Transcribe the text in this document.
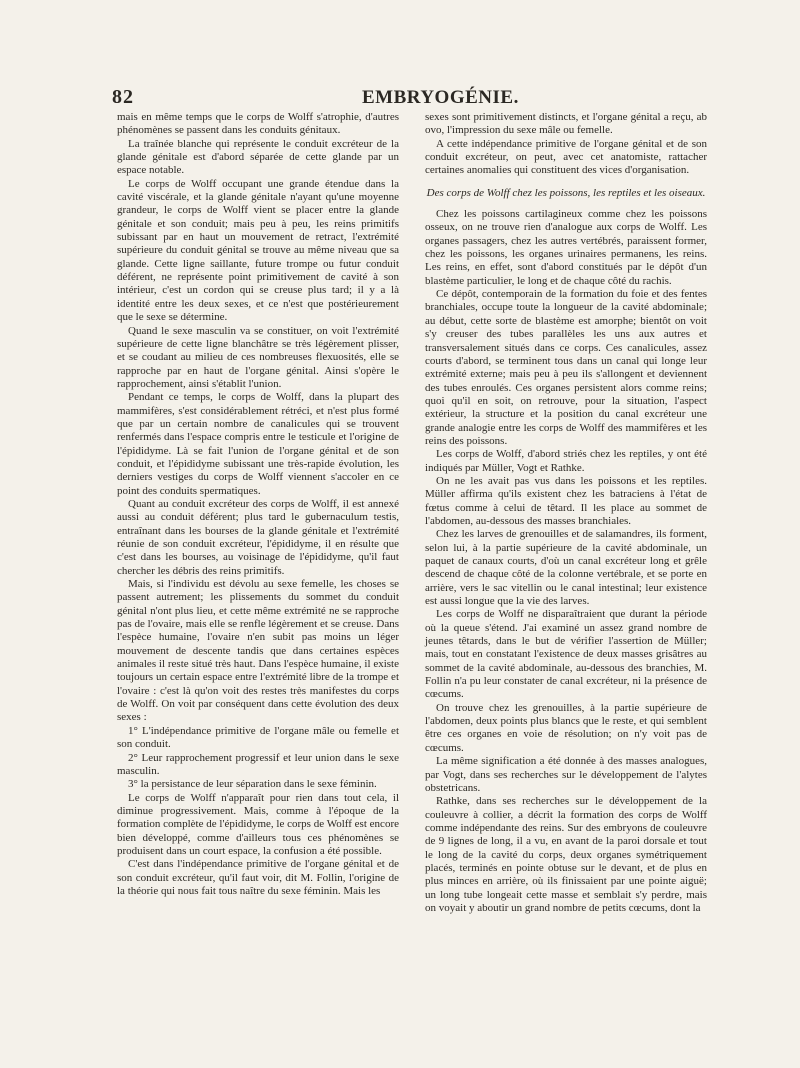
82	EMBRYOGÉNIE.

mais en même temps que le corps de Wolff s'atrophie, d'autres phénomènes se passent dans les conduits génitaux.

La traînée blanche qui représente le conduit excréteur de la glande génitale est d'abord séparée de cette glande par un espace notable.

Le corps de Wolff occupant une grande étendue dans la cavité viscérale, et la glande génitale n'ayant qu'une moyenne grandeur, le corps de Wolff vient se placer entre la glande génitale et son conduit; mais peu à peu, les reins primitifs subissant par en haut un mouvement de retract, l'extrémité supérieure du conduit génital se trouve au même niveau que sa glande. Cette ligne saillante, future trompe ou futur conduit déférent, ne représente point primitivement de cavité à son intérieur, c'est un cordon qui se creuse plus tard; il y a là identité entre les deux sexes, et ce n'est que postérieurement que le sexe se détermine.

Quand le sexe masculin va se constituer, on voit l'extrémité supérieure de cette ligne blanchâtre se très légèrement plisser, et se coudant au milieu de ces nombreuses flexuosités, elle se rapproche par en haut de l'organe génital. Ainsi s'opère le rapprochement, ainsi s'établit l'union.

Pendant ce temps, le corps de Wolff, dans la plupart des mammifères, s'est considérablement rétréci, et n'est plus formé que par un certain nombre de canalicules qui se trouvent renfermés dans l'espace compris entre le testicule et l'origine de l'épididyme. Là se fait l'union de l'organe génital et de son conduit, et l'épididyme subissant une très-rapide évolution, les derniers vestiges du corps de Wolff viennent s'accoler en ce point des conduits spermatiques.

Quant au conduit excréteur des corps de Wolff, il est annexé aussi au conduit déférent; plus tard le gubernaculum testis, entraînant dans les bourses de la glande génitale et l'extrémité réunie de son conduit excréteur, l'épididyme, il en résulte que c'est dans les bourses, au voisinage de l'épididyme, qu'il faut chercher les débris des reins primitifs.

Mais, si l'individu est dévolu au sexe femelle, les choses se passent autrement; les plissements du sommet du conduit génital n'ont plus lieu, et cette même extrémité ne se rapproche pas de l'ovaire, mais elle se renfle légèrement et se creuse. Dans l'espèce humaine, l'ovaire n'en subit pas moins un léger mouvement de descente tandis que dans certaines espèces animales il reste situé très haut. Dans l'espèce humaine, il existe toujours un certain espace entre l'extrémité libre de la trompe et l'ovaire : c'est là qu'on voit des restes très manifestes du corps de Wolff. On voit par conséquent dans cette évolution des deux sexes :

1° L'indépendance primitive de l'organe mâle ou femelle et son conduit.

2° Leur rapprochement progressif et leur union dans le sexe masculin.

3° la persistance de leur séparation dans le sexe féminin.

Le corps de Wolff n'apparaît pour rien dans tout cela, il diminue progressivement. Mais, comme à l'époque de la formation complète de l'épididyme, le corps de Wolff est encore bien développé, comme d'ailleurs tous ces phénomènes se produisent dans un court espace, la confusion a été possible.

C'est dans l'indépendance primitive de l'organe génital et de son conduit excréteur, qu'il faut voir, dit M. Follin, l'origine de la théorie qui nous fait tous naître du sexe féminin. Mais les

sexes sont primitivement distincts, et l'organe génital a reçu, ab ovo, l'impression du sexe mâle ou femelle.

A cette indépendance primitive de l'organe génital et de son conduit excréteur, on peut, avec cet anatomiste, rattacher certaines anomalies qui constituent des vices d'organisation.

Des corps de Wolff chez les poissons, les reptiles et les oiseaux.

Chez les poissons cartilagineux comme chez les poissons osseux, on ne trouve rien d'analogue aux corps de Wolff. Les organes passagers, chez les autres vertébrés, paraissent former, chez les poissons, les organes urinaires permanens, les reins. Les reins, en effet, sont d'abord constitués par le dépôt d'un blastème particulier, le long et de chaque côté du rachis.

Ce dépôt, contemporain de la formation du foie et des fentes branchiales, occupe toute la longueur de la cavité abdominale; au début, cette sorte de blastème est amorphe; bientôt on voit s'y creuser des tubes parallèles les uns aux autres et transversalement situés dans ce corps. Ces canalicules, assez courts d'abord, se terminent tous dans un canal qui longe leur extrémité externe; mais peu à peu ils s'allongent et deviennent des tubes enroulés. Ces organes persistent alors comme reins; quoi qu'il en soit, on retrouve, pour la situation, l'aspect extérieur, la structure et la position du canal excréteur une grande analogie entre les corps de Wolff des mammifères et les reins des poissons.

Les corps de Wolff, d'abord striés chez les reptiles, y ont été indiqués par Müller, Vogt et Rathke.

On ne les avait pas vus dans les poissons et les reptiles. Müller affirma qu'ils existent chez les batraciens à l'état de fœtus comme à celui de têtard. Il les place au sommet de l'abdomen, au-dessous des masses branchiales.

Chez les larves de grenouilles et de salamandres, ils forment, selon lui, à la partie supérieure de la cavité abdominale, un paquet de canaux courts, d'où un canal excréteur long et grêle descend de chaque côté de la colonne vertébrale, et se porte en arrière, vers le sac vitellin ou le canal intestinal; leur existence est aussi longue que la vie des larves.

Les corps de Wolff ne disparaîtraient que durant la période où la queue s'étend. J'ai examiné un assez grand nombre de jeunes têtards, dans le but de vérifier l'assertion de Müller; mais, tout en constatant l'existence de deux masses grisâtres au sommet de la cavité abdominale, au-dessous des branchies, M. Follin n'a pu leur constater de canal excréteur, ni la présence de cœcums.

On trouve chez les grenouilles, à la partie supérieure de l'abdomen, deux points plus blancs que le reste, et qui semblent être ces organes en voie de résolution; on n'y voit pas de cœcums.

La même signification a été donnée à des masses analogues, par Vogt, dans ses recherches sur le développement de l'alytes obstetricans.

Rathke, dans ses recherches sur le développement de la couleuvre à collier, a décrit la formation des corps de Wolff comme indépendante des reins. Sur des embryons de couleuvre de 9 lignes de long, il a vu, en avant de la paroi dorsale et tout le long de la cavité du corps, deux organes symétriquement placés, terminés en pointe obtuse sur le devant, et de plus en plus minces en arrière, où ils finissaient par une pointe aiguë; un long tube longeait cette masse et semblait s'y perdre, mais on voyait y aboutir un grand nombre de petits cœcums, dont la
